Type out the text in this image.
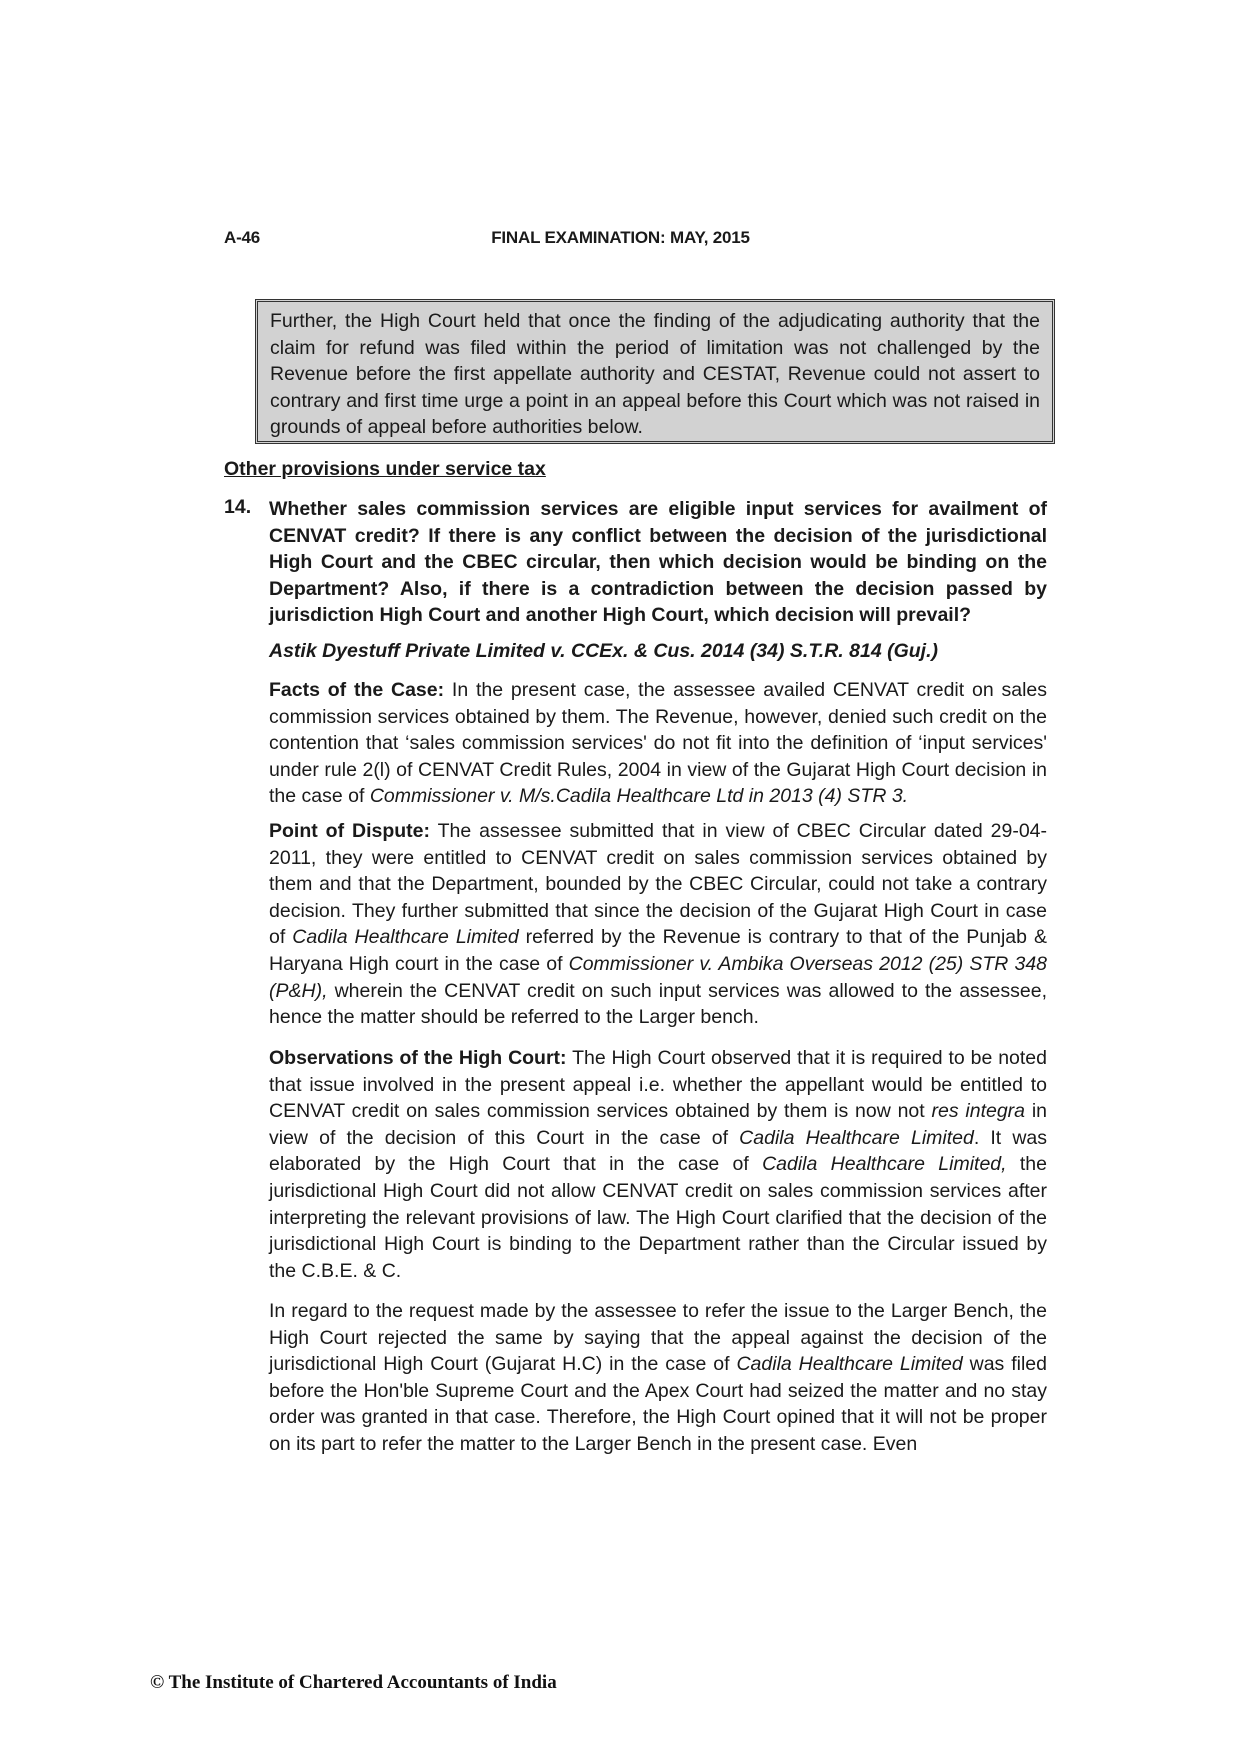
FINAL EXAMINATION: MAY, 2015
A-46
Further, the High Court held that once the finding of the adjudicating authority that the claim for refund was filed within the period of limitation was not challenged by the Revenue before the first appellate authority and CESTAT, Revenue could not assert to contrary and first time urge a point in an appeal before this Court which was not raised in grounds of appeal before authorities below.
Other provisions under service tax
14. Whether sales commission services are eligible input services for availment of CENVAT credit? If there is any conflict between the decision of the jurisdictional High Court and the CBEC circular, then which decision would be binding on the Department? Also, if there is a contradiction between the decision passed by jurisdiction High Court and another High Court, which decision will prevail?
Astik Dyestuff Private Limited v. CCEx. & Cus. 2014 (34) S.T.R. 814 (Guj.)

Facts of the Case: In the present case, the assessee availed CENVAT credit on sales commission services obtained by them. The Revenue, however, denied such credit on the contention that ‘sales commission services' do not fit into the definition of ‘input services' under rule 2(l) of CENVAT Credit Rules, 2004 in view of the Gujarat High Court decision in the case of Commissioner v. M/s.Cadila Healthcare Ltd in 2013 (4) STR 3.

Point of Dispute: The assessee submitted that in view of CBEC Circular dated 29-04-2011, they were entitled to CENVAT credit on sales commission services obtained by them and that the Department, bounded by the CBEC Circular, could not take a contrary decision. They further submitted that since the decision of the Gujarat High Court in case of Cadila Healthcare Limited referred by the Revenue is contrary to that of the Punjab & Haryana High court in the case of Commissioner v. Ambika Overseas 2012 (25) STR 348 (P&H), wherein the CENVAT credit on such input services was allowed to the assessee, hence the matter should be referred to the Larger bench.

Observations of the High Court: The High Court observed that it is required to be noted that issue involved in the present appeal i.e. whether the appellant would be entitled to CENVAT credit on sales commission services obtained by them is now not res integra in view of the decision of this Court in the case of Cadila Healthcare Limited. It was elaborated by the High Court that in the case of Cadila Healthcare Limited, the jurisdictional High Court did not allow CENVAT credit on sales commission services after interpreting the relevant provisions of law. The High Court clarified that the decision of the jurisdictional High Court is binding to the Department rather than the Circular issued by the C.B.E. & C.

In regard to the request made by the assessee to refer the issue to the Larger Bench, the High Court rejected the same by saying that the appeal against the decision of the jurisdictional High Court (Gujarat H.C) in the case of Cadila Healthcare Limited was filed before the Hon'ble Supreme Court and the Apex Court had seized the matter and no stay order was granted in that case. Therefore, the High Court opined that it will not be proper on its part to refer the matter to the Larger Bench in the present case. Even

© The Institute of Chartered Accountants of India
